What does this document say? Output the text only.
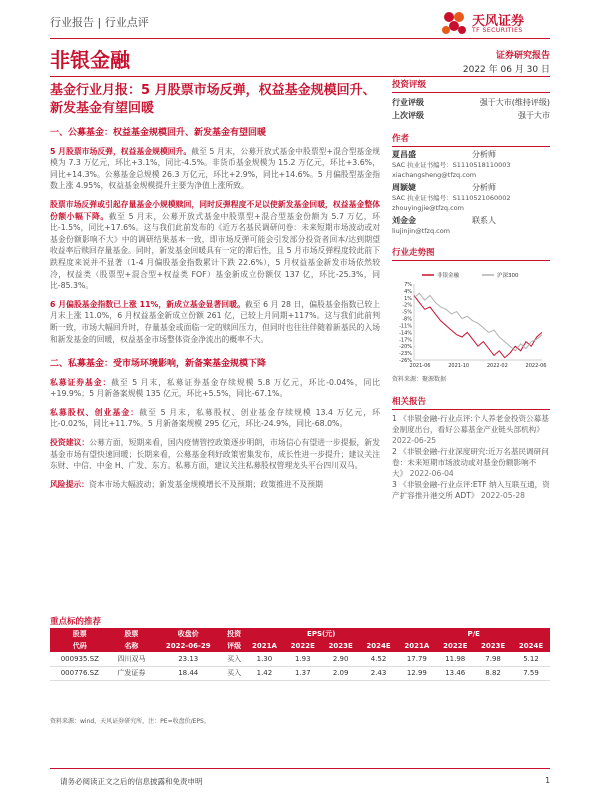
行业报告 | 行业点评	天风证券
TF SECURITIES
非银金融	证券研究报告
2022 年 06 月 30 日
基金行业月报：5 月股票市场反弹，权益基金规模回升、新发基金有望回暖
一、公募基金：权益基金规模回升、新发基金有望回暖
5 月股票市场反弹，权益基金规模回升。截至 5 月末，公募开放式基金中股票型+混合型基金规模为 7.3 万亿元，环比+3.1%，同比-4.5%。非货币基金规模为 15.2 万亿元，环比+3.6%，同比+14.3%。公募基金总规模 26.3 万亿元，环比+2.9%，同比+14.6%。5 月偏股型基金指数上涨 4.95%，权益基金规模提升主要为净值上涨所致。
股票市场反弹或引起存量基金小规模赎回，同时反弹程度不足以使新发基金回暖，权益基金整体份额小幅下降。截至 5 月末，公募开放式基金中股票型+混合型基金份额为 5.7 万亿，环比-1.5%，同比+17.6%。这与我们此前发布的《近万名基民调研问卷：未来短期市场波动或对基金份额影响不大》中的调研结果基本一致，即市场反弹可能会引发部分投资者回本/达到期望收益率后赎回存量基金。同时，新发基金回暖具有一定的滞后性，且 5 月市场反弹程度较此前下跌程度来说并不显著（1-4 月偏股基金指数累计下跌 22.6%），5 月权益基金新发市场依然较冷，权益类（股票型+混合型+权益类 FOF）基金新成立份额仅 137 亿，环比-25.3%，同比-85.3%。
6 月偏股基金指数已上涨 11%，新成立基金显著回暖。截至 6 月 28 日，偏股基金指数已较上月末上涨 11.0%，6 月权益基金新成立份额 261 亿，已较上月同期+117%。这与我们此前判断一致，市场大幅回升时，存量基金或面临一定的赎回压力，但同时也往往伴随着新基民的入场和新发基金的回暖，权益基金市场整体资金净流出的概率不大。
二、私募基金：受市场环境影响，新备案基金规模下降
私募证券基金：截至 5 月末，私募证券基金存续规模 5.8 万亿元，环比-0.04%，同比+19.9%；5 月新备案规模 135 亿元，环比+5.5%，同比-67.1%。
私募股权、创业基金：截至 5 月末，私募股权、创业基金存续规模 13.4 万亿元，环比-0.02%，同比+11.7%。5 月新备案规模 295 亿元，环比-24.9%，同比-68.0%。
投资建议：公募方面，短期来看，国内疫情管控政策逐步明朗，市场信心有望进一步提振，新发基金市场有望快速回暖；长期来看，公募基金利好政策密集发布，成长性进一步提升；建议关注东财、中信、中金 H、广发、东方。私募方面，建议关注私募股权管理龙头平台四川双马。
风险提示：资本市场大幅波动；新发基金规模增长不及预期；政策推进不及预期
投资评级
行业评级	强于大市(维持评级)
上次评级	强于大市
作者
夏昌盛	分析师
SAC 执业证书编号：S1110518110003
xiachangsheng@tfzq.com
周颖婕	分析师
SAC 执业证书编号：S1110521060002
zhouyingjie@tfzq.com
刘金金	联系人
liujinjin@tfzq.com
行业走势图
非银金融	沪深300
7%
4%
1%
-2%
-5%
-8%
-11%
-14%
-17%
-20%
-23%
-26%
2021-06	2021-10	2022-02	2022-06
资料来源：聚源数据
相关报告
1 《非银金融-行业点评:个人养老金投资公募基金制度出台，看好公募基金产业链头部机构》 2022-06-25
2 《非银金融-行业深度研究:近万名基民调研问卷：未来短期市场波动或对基金份额影响不大》 2022-06-04
3 《非银金融-行业点评:ETF 纳入互联互通，资产扩容推升港交所 ADT》 2022-05-28
重点标的推荐
股票	股票	收盘价	投资	EPS(元)				P/E			
代码	名称	2022-06-29	评级	2021A	2022E	2023E	2024E	2021A	2022E	2023E	2024E
000935.SZ	四川双马	23.13	买入	1.30	1.93	2.90	4.52	17.79	11.98	7.98	5.12
000776.SZ	广发证券	18.44	买入	1.42	1.37	2.09	2.43	12.99	13.46	8.82	7.59
资料来源：wind，天风证券研究所，注：PE=收盘价/EPS。
请务必阅读正文之后的信息披露和免责申明	1
